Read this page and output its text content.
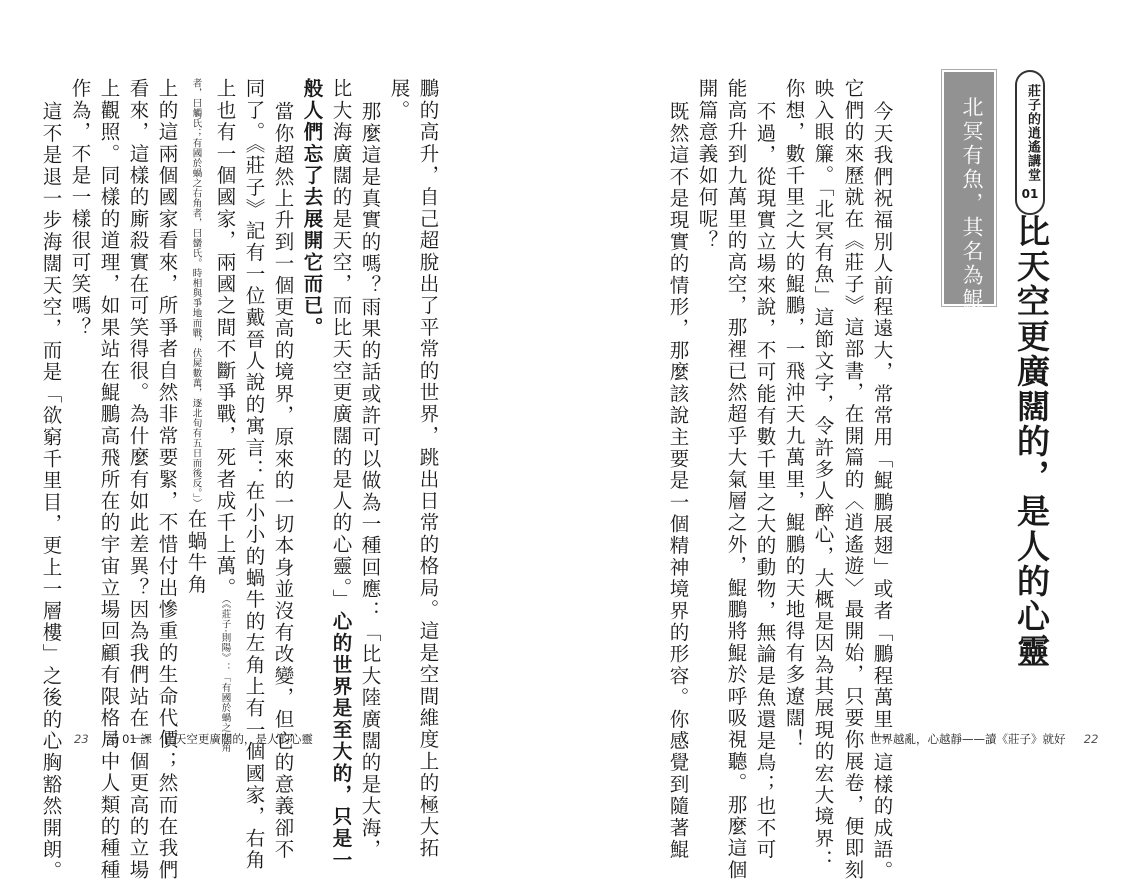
莊子的逍遙講堂
01
比天空更廣闊的，是人的心靈
北冥有魚，其名為鯤。
今天我們祝福別人前程遠大，常常用「鯤鵬展翅」或者「鵬程萬里」這樣的成語。
它們的來歷就在《莊子》這部書，在開篇的〈逍遙遊〉最開始，只要你展卷，便即刻
映入眼簾。「北冥有魚」這節文字，令許多人醉心，大概是因為其展現的宏大境界：
你想，數千里之大的鯤鵬，一飛沖天九萬里，鯤鵬的天地得有多遼闊！
不過，從現實立場來說，不可能有數千里之大的動物，無論是魚還是鳥；也不可
能高升到九萬里的高空，那裡已然超乎大氣層之外，鯤鵬將鯤於呼吸視聽。那麼這個
開篇意義如何呢？
既然這不是現實的情形，那麼該說主要是一個精神境界的形容。你感覺到隨著鯤	世界越亂，心越靜——讀《莊子》就好 22
鵬的高升，自己超脫出了平常的世界，跳出日常的格局。這是空間維度上的極大拓
展。
那麼這是真實的嗎？雨果的話或許可以做為一種回應：「比大陸廣闊的是大海，
比大海廣闊的是天空，而比天空更廣闊的是人的心靈。」心的世界是至大的，只是一
般人們忘了去展開它而已。
當你超然上升到一個更高的境界，原來的一切本身並沒有改變，但它的意義卻不
同了。《莊子》記有一位戴晉人說的寓言：在小小的蝸牛的左角上有一個國家，右角
上也有一個國家，兩國之間不斷爭戰，死者成千上萬。（《莊子‧則陽》：「有國於蝸之左角
者，曰觸氏；有國於蝸之右角者，曰蠻氏。時相與爭地而戰，伏屍數萬，逐北旬有五日而後反。」）在蝸牛角
上的這兩個國家看來，所爭者自然非常要緊，不惜付出慘重的生命代價；然而在我們
看來，這樣的廝殺實在可笑得很。為什麼有如此差異？因為我們站在一個更高的立場
上觀照。同樣的道理，如果站在鯤鵬高飛所在的宇宙立場回顧有限格局中人類的種種
作為，不是一樣很可笑嗎？
這不是退一步海闊天空，而是「欲窮千里目，更上一層樓」之後的心胸豁然開朗。 23 第 01 課　比天空更廣闊的，是人的心靈
